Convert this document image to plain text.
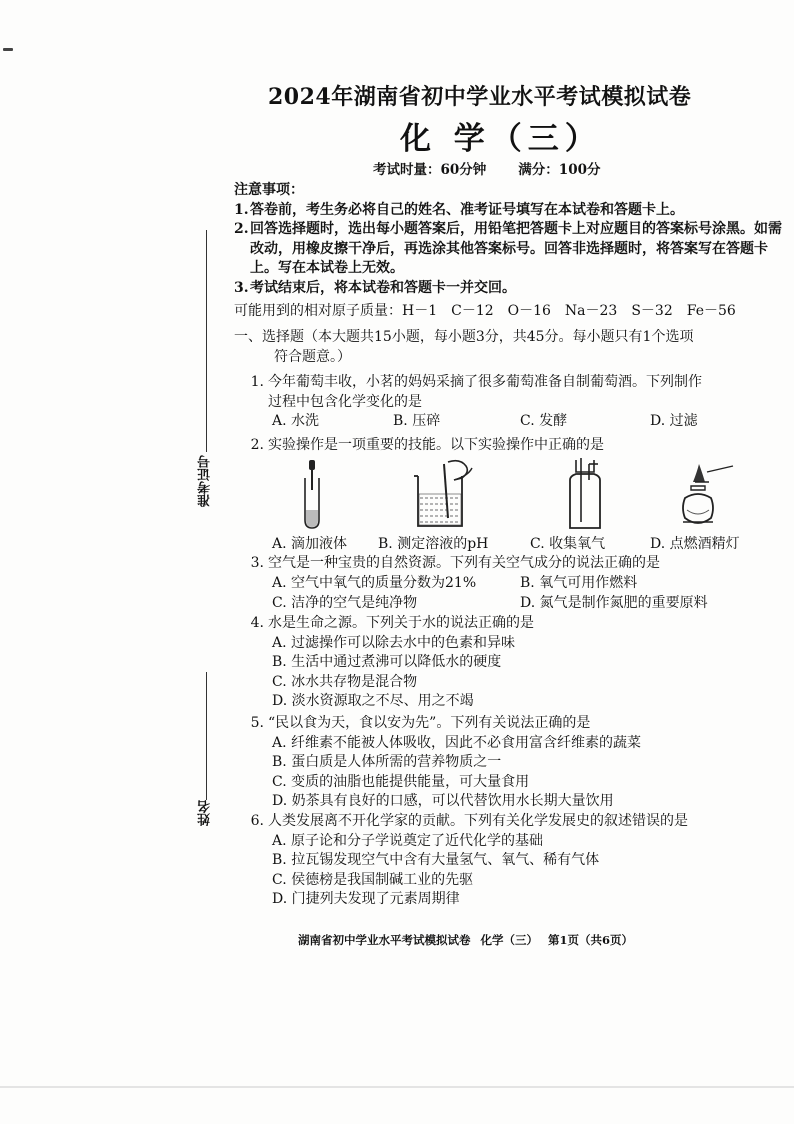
2024年湖南省初中学业水平考试模拟试卷
化 学（三）
考试时量：60分钟 满分：100分
注意事项：
1. 答卷前，考生务必将自己的姓名、准考证号填写在本试卷和答题卡上。
2. 回答选择题时，选出每小题答案后，用铅笔把答题卡上对应题目的答案标号涂黑。如需改动，用橡皮擦干净后，再选涂其他答案标号。回答非选择题时，将答案写在答题卡上。写在本试卷上无效。
3. 考试结束后，将本试卷和答题卡一并交回。
可能用到的相对原子质量：H－1　C－12　O－16　Na－23　S－32　Fe－56
一、选择题（本大题共15小题，每小题3分，共45分。每小题只有1个选项
符合题意。）
1. 今年葡萄丰收，小茗的妈妈采摘了很多葡萄准备自制葡萄酒。下列制作
过程中包含化学变化的是
A. 水洗	B. 压碎	C. 发酵	D. 过滤
2. 实验操作是一项重要的技能。以下实验操作中正确的是
A. 滴加液体 B. 测定溶液的pH	C. 收集氧气	D. 点燃酒精灯
3. 空气是一种宝贵的自然资源。下列有关空气成分的说法正确的是
A. 空气中氧气的质量分数为21%	B. 氧气可用作燃料
C. 洁净的空气是纯净物	D. 氮气是制作氮肥的重要原料
4. 水是生命之源。下列关于水的说法正确的是
A. 过滤操作可以除去水中的色素和异味
B. 生活中通过煮沸可以降低水的硬度
C. 冰水共存物是混合物
D. 淡水资源取之不尽、用之不竭
5. “民以食为天，食以安为先”。下列有关说法正确的是
A. 纤维素不能被人体吸收，因此不必食用富含纤维素的蔬菜
B. 蛋白质是人体所需的营养物质之一
C. 变质的油脂也能提供能量，可大量食用
D. 奶茶具有良好的口感，可以代替饮用水长期大量饮用
6. 人类发展离不开化学家的贡献。下列有关化学发展史的叙述错误的是
A. 原子论和分子学说奠定了近代化学的基础
B. 拉瓦锡发现空气中含有大量氢气、氧气、稀有气体
C. 侯德榜是我国制碱工业的先驱
D. 门捷列夫发现了元素周期律
准考证号
姓名
湖南省初中学业水平考试模拟试卷 化学（三） 第1页（共6页）
